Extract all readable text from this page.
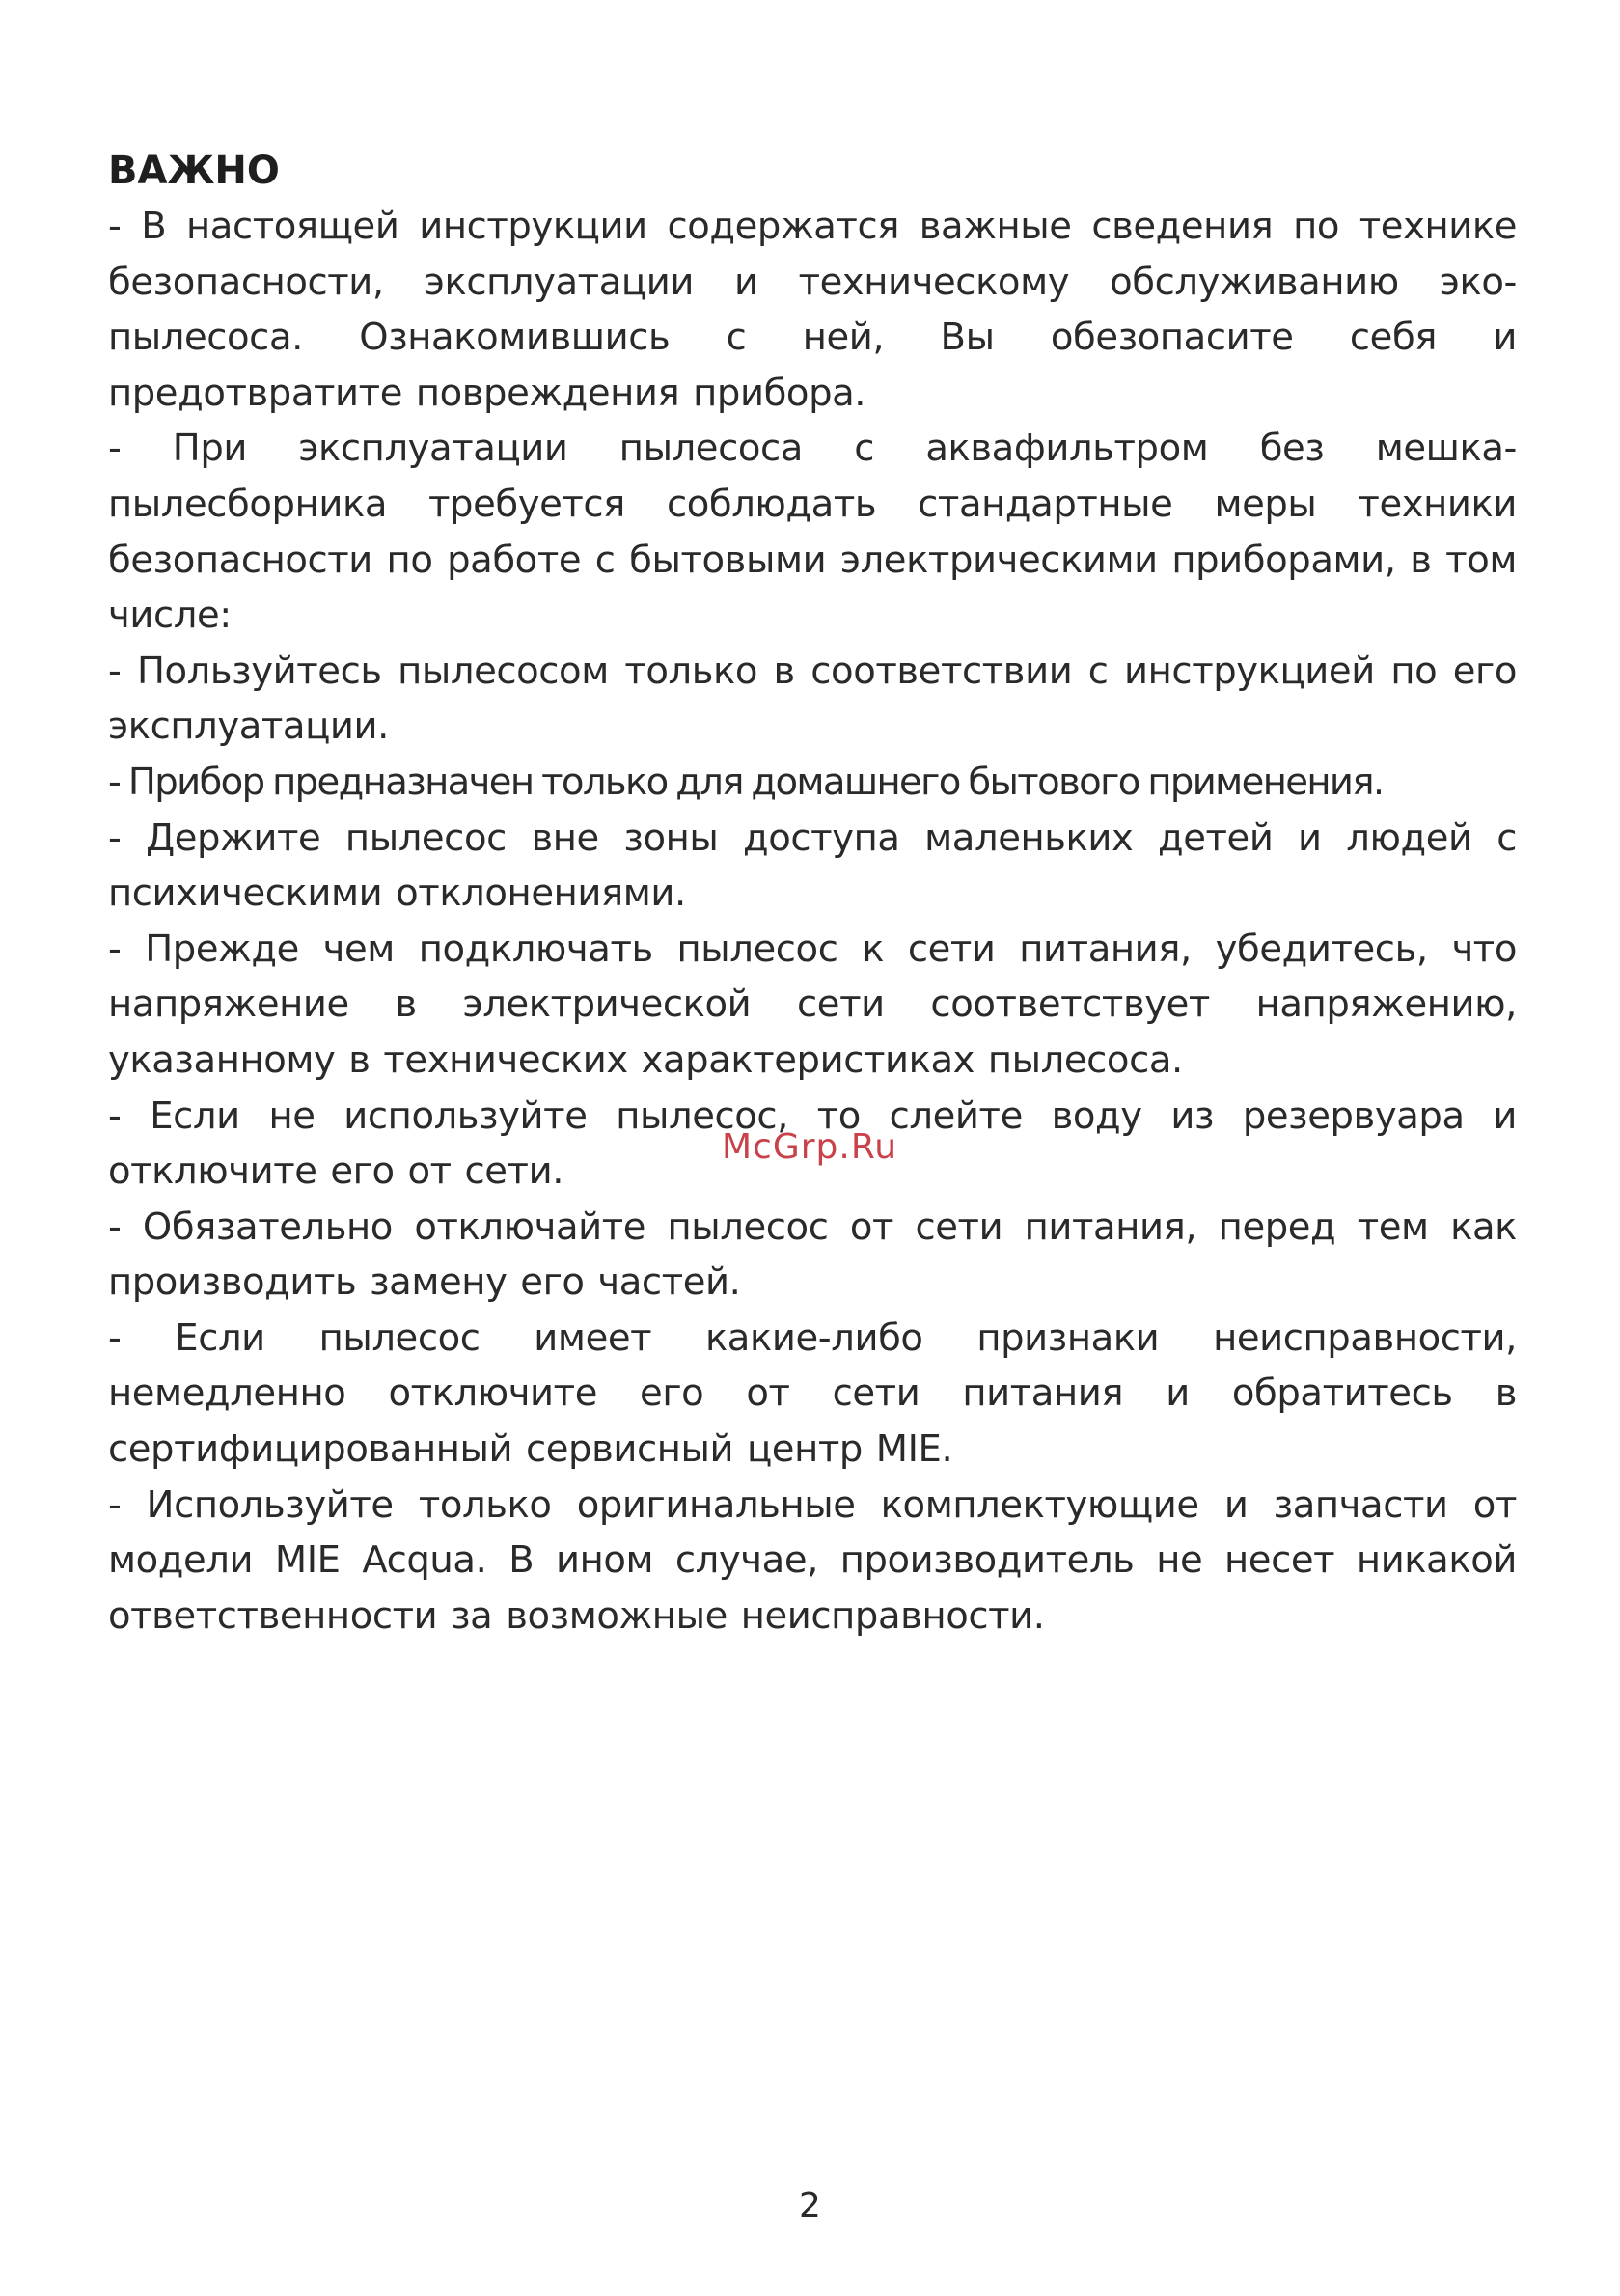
ВАЖНО

- В настоящей инструкции содержатся важные сведения по технике безопасности, эксплуатации и техническому обслуживанию эко-пылесоса. Ознакомившись с ней, Вы обезопасите себя и предотвратите повреждения прибора.

- При эксплуатации пылесоса с аквафильтром без мешка-пылесборника требуется соблюдать стандартные меры техники безопасности по работе с бытовыми электрическими приборами, в том числе:

- Пользуйтесь пылесосом только в соответствии с инструкцией по его эксплуатации.

- Прибор предназначен только для домашнего бытового применения.

- Держите пылесос вне зоны доступа маленьких детей и людей с психическими отклонениями.

- Прежде чем подключать пылесос к сети питания, убедитесь, что напряжение в электрической сети соответствует напряжению, указанному в технических характеристиках пылесоса.

- Если не используйте пылесос, то слейте воду из резервуара и отключите его от сети.

- Обязательно отключайте пылесос от сети питания, перед тем как производить замену его частей.

- Если пылесос имеет какие-либо признаки неисправности, немедленно отключите его от сети питания и обратитесь в сертифицированный сервисный центр MIE.

- Используйте только оригинальные комплектующие и запчасти от модели MIE Acqua. В ином случае, производитель не несет никакой ответственности за возможные неисправности.

McGrp.Ru
2
